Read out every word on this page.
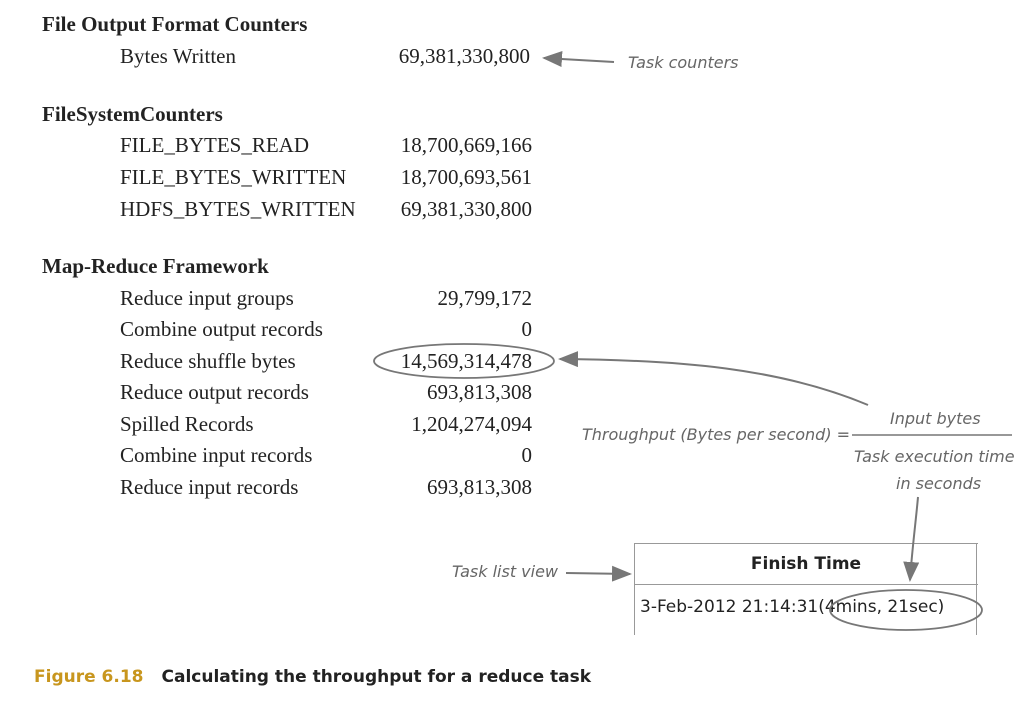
File Output Format Counters
Bytes Written	69,381,330,800
FileSystemCounters
FILE_BYTES_READ	18,700,669,166
FILE_BYTES_WRITTEN	18,700,693,561
HDFS_BYTES_WRITTEN 69,381,330,800
Map-Reduce Framework
Reduce input groups	29,799,172
Combine output records	0
Reduce shuffle bytes	14,569,314,478
Reduce output records	693,813,308
Spilled Records	1,204,274,094
Combine input records	0
Reduce input records	693,813,308
Task counters
Throughput (Bytes per second) =
Input bytes
Task execution time
in seconds
Task list view	Finish Time
3-Feb-2012 21:14:31(4mins, 21sec)
Figure 6.18 Calculating the throughput for a reduce task
